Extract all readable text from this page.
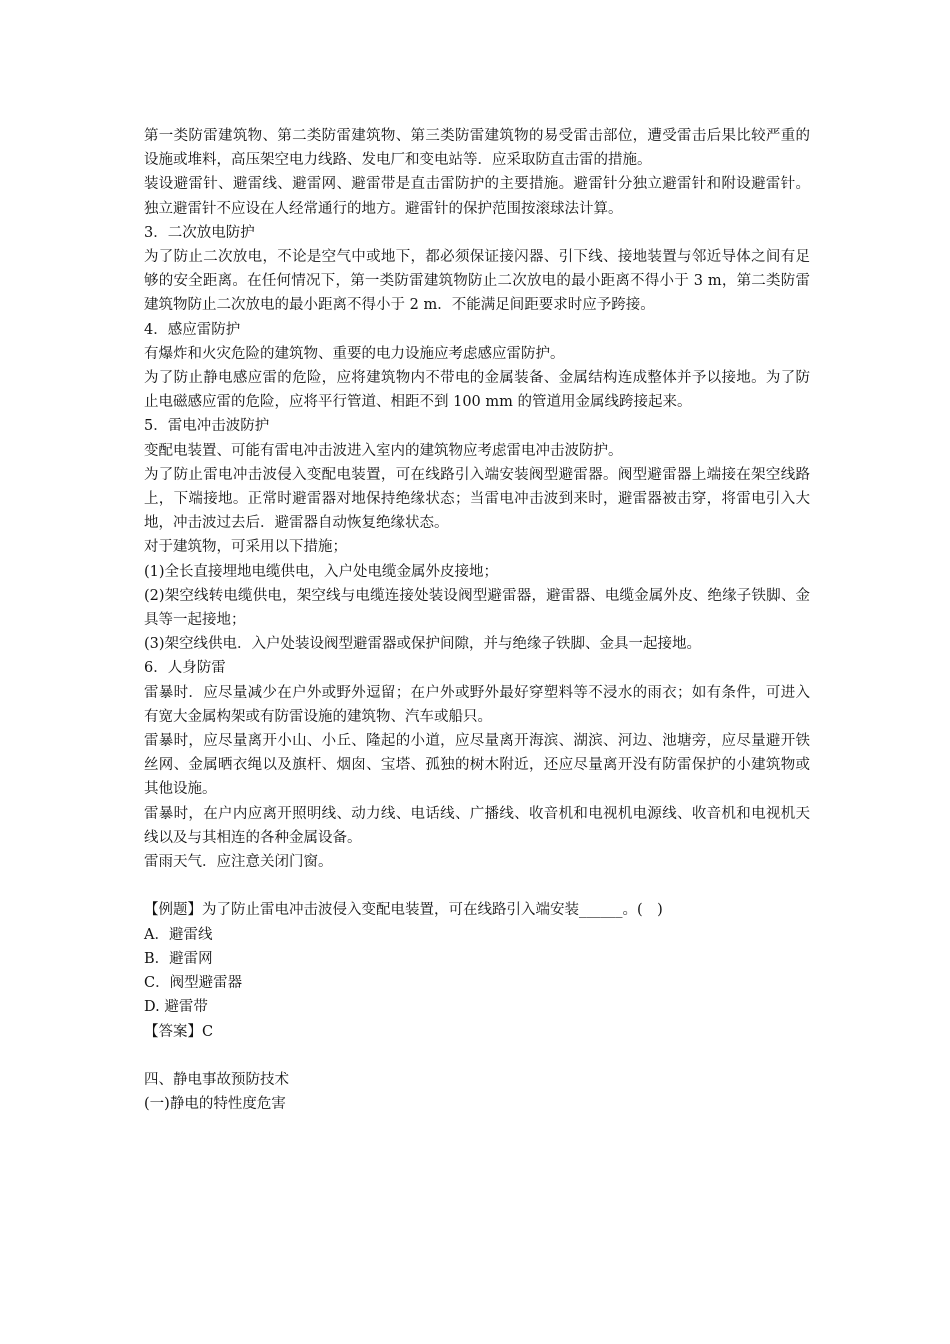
第一类防雷建筑物、第二类防雷建筑物、第三类防雷建筑物的易受雷击部位，遭受雷击后果比较严重的设施或堆料，高压架空电力线路、发电厂和变电站等．应采取防直击雷的措施。

装设避雷针、避雷线、避雷网、避雷带是直击雷防护的主要措施。避雷针分独立避雷针和附设避雷针。独立避雷针不应设在人经常通行的地方。避雷针的保护范围按滚球法计算。

3．二次放电防护

为了防止二次放电，不论是空气中或地下，都必须保证接闪器、引下线、接地装置与邻近导体之间有足够的安全距离。在任何情况下，第一类防雷建筑物防止二次放电的最小距离不得小于 3 m，第二类防雷建筑物防止二次放电的最小距离不得小于 2 m．不能满足间距要求时应予跨接。

4．感应雷防护

有爆炸和火灾危险的建筑物、重要的电力设施应考虑感应雷防护。

为了防止静电感应雷的危险，应将建筑物内不带电的金属装备、金属结构连成整体并予以接地。为了防止电磁感应雷的危险，应将平行管道、相距不到 100 mm 的管道用金属线跨接起来。

5．雷电冲击波防护

变配电装置、可能有雷电冲击波进入室内的建筑物应考虑雷电冲击波防护。

为了防止雷电冲击波侵入变配电装置，可在线路引入端安装阀型避雷器。阀型避雷器上端接在架空线路上，下端接地。正常时避雷器对地保持绝缘状态；当雷电冲击波到来时，避雷器被击穿，将雷电引入大地，冲击波过去后．避雷器自动恢复绝缘状态。

对于建筑物，可采用以下措施；

(1)全长直接埋地电缆供电，入户处电缆金属外皮接地；

(2)架空线转电缆供电，架空线与电缆连接处装设阀型避雷器，避雷器、电缆金属外皮、绝缘子铁脚、金具等一起接地；

(3)架空线供电．入户处装设阀型避雷器或保护间隙，并与绝缘子铁脚、金具一起接地。

6．人身防雷

雷暴时．应尽量减少在户外或野外逗留；在户外或野外最好穿塑料等不浸水的雨衣；如有条件，可进入有宽大金属构架或有防雷设施的建筑物、汽车或船只。

雷暴时，应尽量离开小山、小丘、隆起的小道，应尽量离开海滨、湖滨、河边、池塘旁，应尽量避开铁丝网、金属晒衣绳以及旗杆、烟囱、宝塔、孤独的树木附近，还应尽量离开没有防雷保护的小建筑物或其他设施。

雷暴时，在户内应离开照明线、动力线、电话线、广播线、收音机和电视机电源线、收音机和电视机天线以及与其相连的各种金属设备。

雷雨天气．应注意关闭门窗。

【例题】为了防止雷电冲击波侵入变配电装置，可在线路引入端安装______。(　)

A．避雷线

B．避雷网

C．阀型避雷器

D. 避雷带

【答案】C

四、静电事故预防技术

(一)静电的特性度危害
